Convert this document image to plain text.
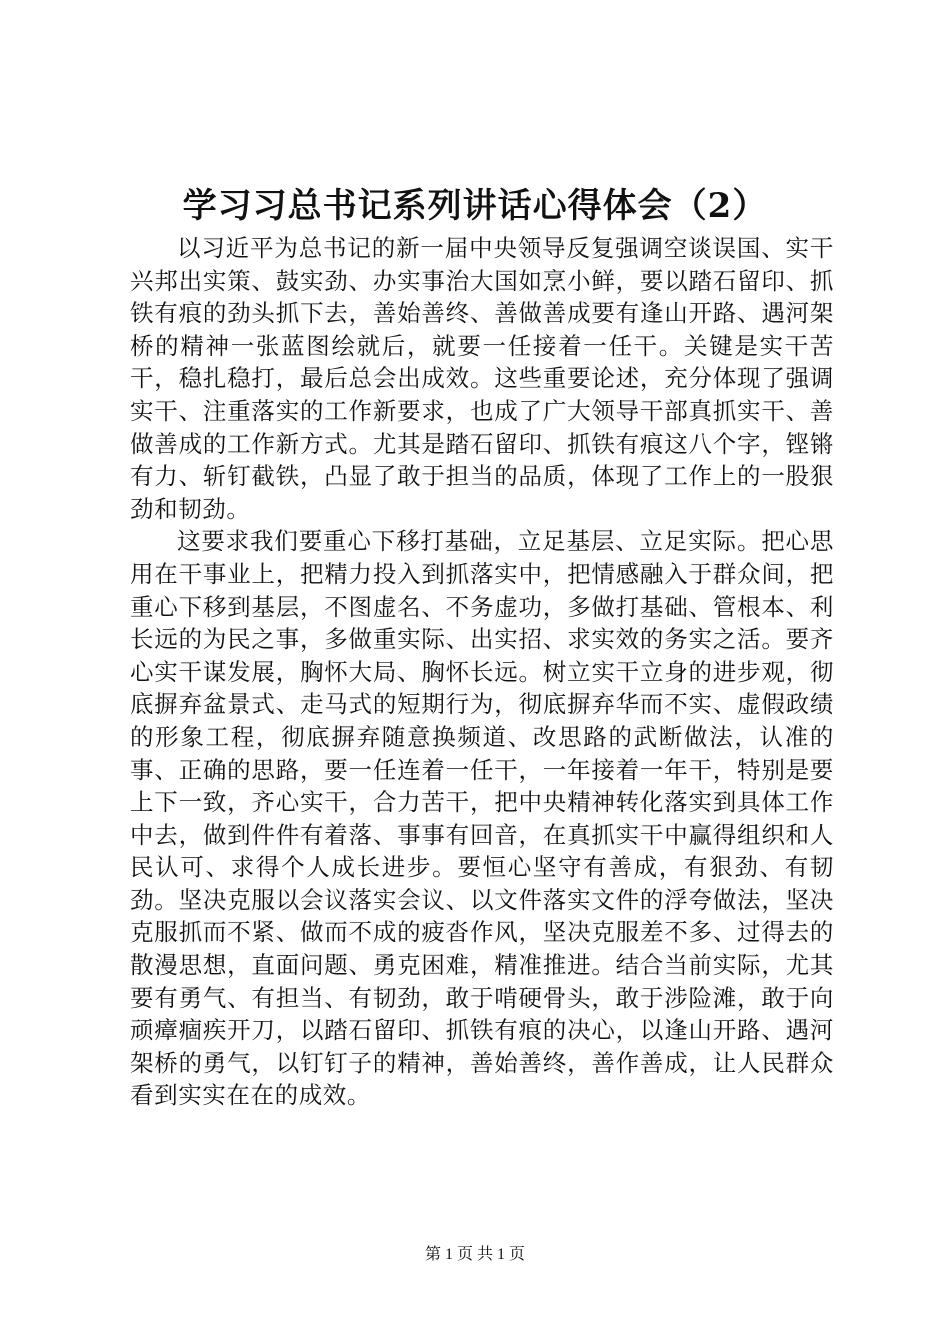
学习习总书记系列讲话心得体会（2）

以习近平为总书记的新一届中央领导反复强调空谈误国、实干兴邦出实策、鼓实劲、办实事治大国如烹小鲜，要以踏石留印、抓铁有痕的劲头抓下去，善始善终、善做善成要有逢山开路、遇河架桥的精神一张蓝图绘就后，就要一任接着一任干。关键是实干苦干，稳扎稳打，最后总会出成效。这些重要论述，充分体现了强调实干、注重落实的工作新要求，也成了广大领导干部真抓实干、善做善成的工作新方式。尤其是踏石留印、抓铁有痕这八个字，铿锵有力、斩钉截铁，凸显了敢于担当的品质，体现了工作上的一股狠劲和韧劲。

这要求我们要重心下移打基础，立足基层、立足实际。把心思用在干事业上，把精力投入到抓落实中，把情感融入于群众间，把重心下移到基层，不图虚名、不务虚功，多做打基础、管根本、利长远的为民之事，多做重实际、出实招、求实效的务实之活。要齐心实干谋发展，胸怀大局、胸怀长远。树立实干立身的进步观，彻底摒弃盆景式、走马式的短期行为，彻底摒弃华而不实、虚假政绩的形象工程，彻底摒弃随意换频道、改思路的武断做法，认准的事、正确的思路，要一任连着一任干，一年接着一年干，特别是要上下一致，齐心实干，合力苦干，把中央精神转化落实到具体工作中去，做到件件有着落、事事有回音，在真抓实干中赢得组织和人民认可、求得个人成长进步。要恒心坚守有善成，有狠劲、有韧劲。坚决克服以会议落实会议、以文件落实文件的浮夸做法，坚决克服抓而不紧、做而不成的疲沓作风，坚决克服差不多、过得去的散漫思想，直面问题、勇克困难，精准推进。结合当前实际，尤其要有勇气、有担当、有韧劲，敢于啃硬骨头，敢于涉险滩，敢于向顽瘴痼疾开刀，以踏石留印、抓铁有痕的决心，以逢山开路、遇河架桥的勇气，以钉钉子的精神，善始善终，善作善成，让人民群众看到实实在在的成效。

第 1 页 共 1 页
